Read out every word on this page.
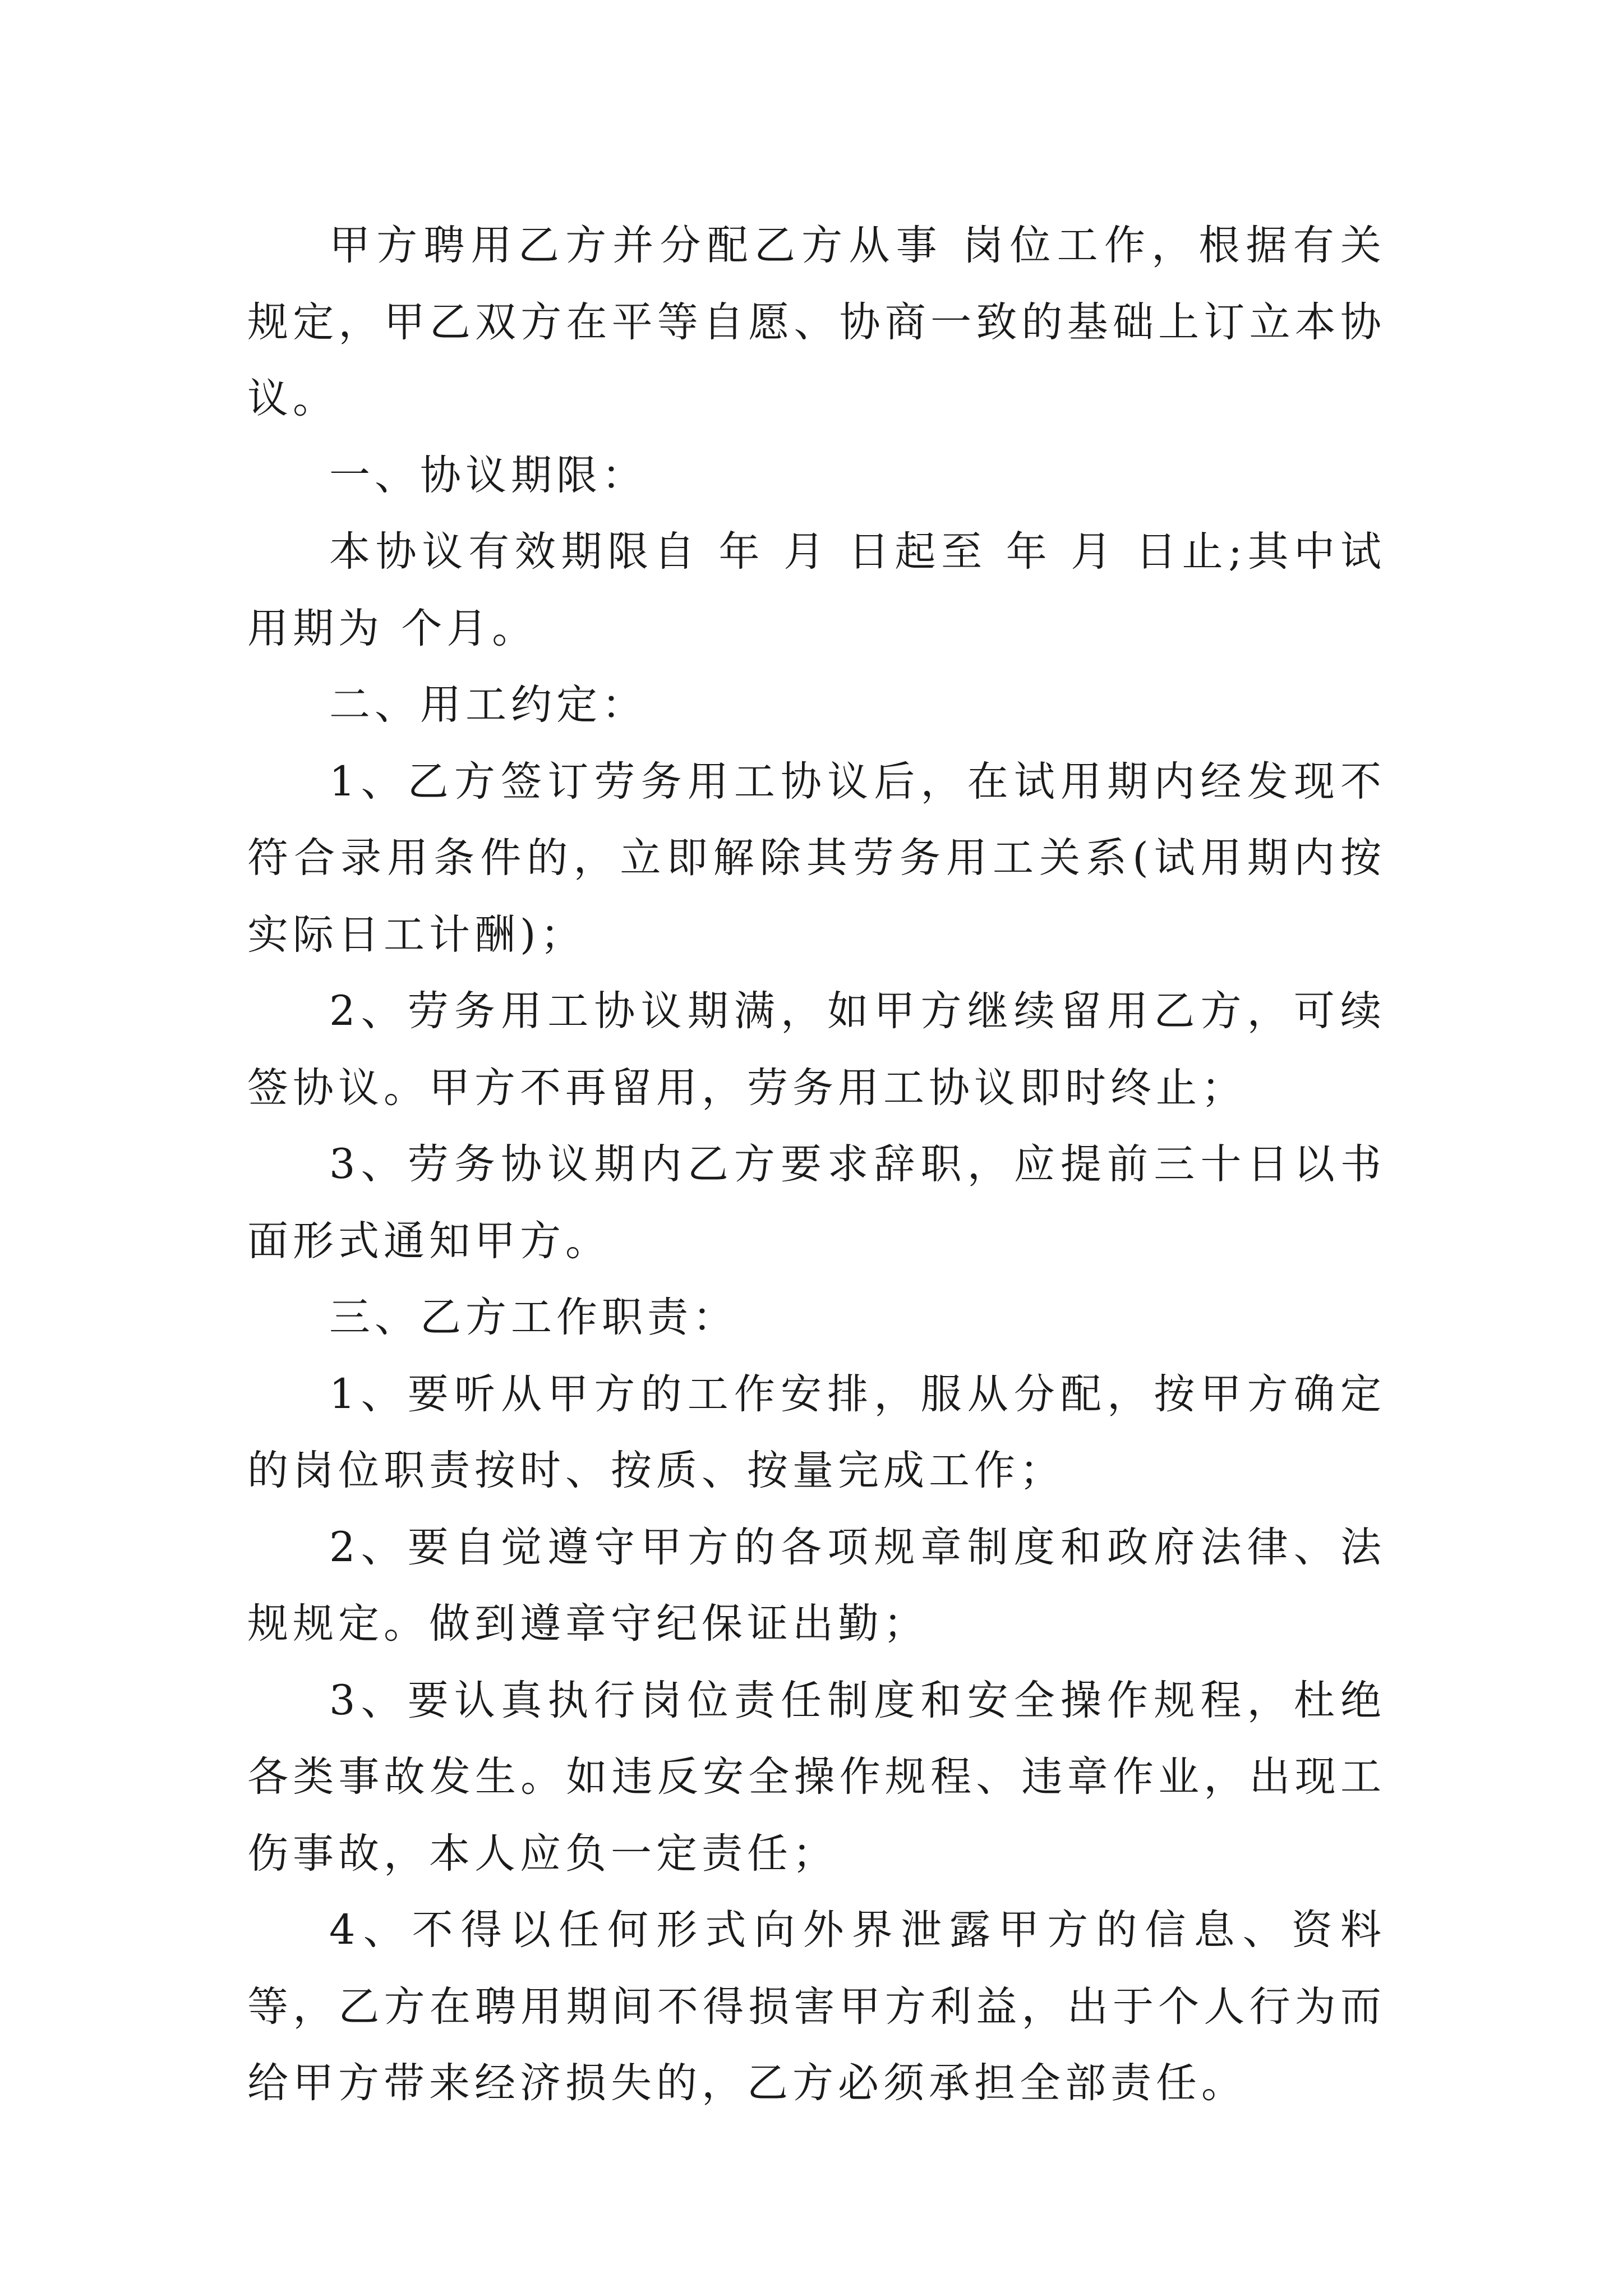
甲方聘用乙方并分配乙方从事 岗位工作，根据有关规定，甲乙双方在平等自愿、协商一致的基础上订立本协议。

一、协议期限：

本协议有效期限自 年 月 日起至 年 月 日止;其中试用期为 个月。

二、用工约定：

1、乙方签订劳务用工协议后，在试用期内经发现不符合录用条件的，立即解除其劳务用工关系(试用期内按实际日工计酬)；

2、劳务用工协议期满，如甲方继续留用乙方，可续签协议。甲方不再留用，劳务用工协议即时终止；

3、劳务协议期内乙方要求辞职，应提前三十日以书面形式通知甲方。

三、乙方工作职责：

1、要听从甲方的工作安排，服从分配，按甲方确定的岗位职责按时、按质、按量完成工作；

2、要自觉遵守甲方的各项规章制度和政府法律、法规规定。做到遵章守纪保证出勤；

3、要认真执行岗位责任制度和安全操作规程，杜绝各类事故发生。如违反安全操作规程、违章作业，出现工伤事故，本人应负一定责任；

4、不得以任何形式向外界泄露甲方的信息、资料等，乙方在聘用期间不得损害甲方利益，出于个人行为而给甲方带来经济损失的，乙方必须承担全部责任。
